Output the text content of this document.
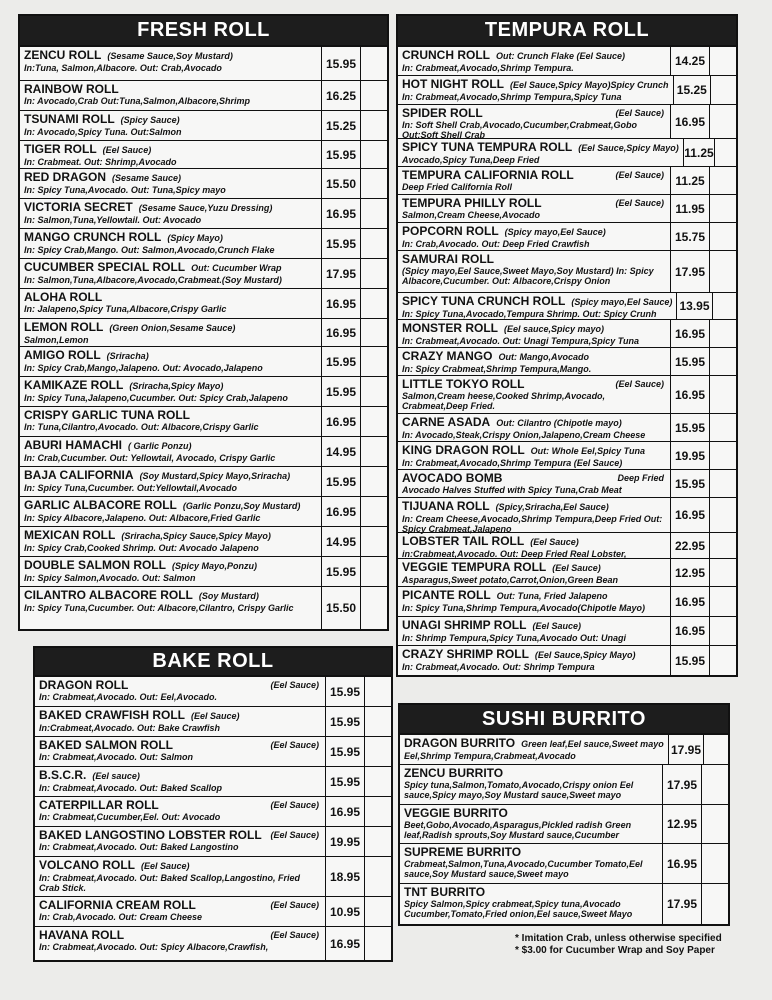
FRESH ROLL
ZENCU ROLL (Sesame Sauce,Soy Mustard)
In:Tuna, Salmon,Albacore. Out: Crab,Avocado	15.95
RAINBOW ROLL
In: Avocado,Crab Out:Tuna,Salmon,Albacore,Shrimp	16.25
TSUNAMI ROLL (Spicy Sauce)
In: Avocado,Spicy Tuna. Out:Salmon	15.25
TIGER ROLL (Eel Sauce)
In: Crabmeat. Out: Shrimp,Avocado
15.95
RED DRAGON (Sesame Sauce)
In: Spicy Tuna,Avocado. Out: Tuna,Spicy mayo	15.50
VICTORIA SECRET (Sesame Sauce,Yuzu Dressing)
In: Salmon,Tuna,Yellowtail. Out: Avocado	16.95
MANGO CRUNCH ROLL (Spicy Mayo)
In: Spicy Crab,Mango. Out: Salmon,Avocado,Crunch Flake	15.95
CUCUMBER SPECIAL ROLL Out: Cucumber Wrap
In: Salmon,Tuna,Albacore,Avocado,Crabmeat.(Soy Mustard)	17.95
ALOHA ROLL
In: Jalapeno,Spicy Tuna,Albacore,Crispy Garlic	16.95
LEMON ROLL (Green Onion,Sesame Sauce)
Salmon,Lemon
16.95
AMIGO ROLL (Sriracha)
In: Spicy Crab,Mango,Jalapeno. Out: Avocado,Jalapeno	15.95
KAMIKAZE ROLL (Sriracha,Spicy Mayo)
In: Spicy Tuna,Jalapeno,Cucumber. Out: Spicy Crab,Jalapeno	15.95
CRISPY GARLIC TUNA ROLL
In: Tuna,Cilantro,Avocado. Out: Albacore,Crispy Garlic	16.95
ABURI HAMACHI ( Garlic Ponzu)
In: Crab,Cucumber. Out: Yellowtail, Avocado, Crispy Garlic	14.95
BAJA CALIFORNIA (Soy Mustard,Spicy Mayo,Sriracha)
In: Spicy Tuna,Cucumber. Out:Yellowtail,Avocado	15.95
GARLIC ALBACORE ROLL (Garlic Ponzu,Soy Mustard)
In: Spicy Albacore,Jalapeno. Out: Albacore,Fried Garlic	16.95
MEXICAN ROLL (Sriracha,Spicy Sauce,Spicy Mayo)
In: Spicy Crab,Cooked Shrimp. Out: Avocado Jalapeno	14.95
DOUBLE SALMON ROLL (Spicy Mayo,Ponzu)
In: Spicy Salmon,Avocado. Out: Salmon	15.95
CILANTRO ALBACORE ROLL (Soy Mustard)
In: Spicy Tuna,Cucumber. Out: Albacore,Cilantro, Crispy Garlic	15.50
BAKE ROLL
DRAGON ROLL	(Eel Sauce)
In: Crabmeat,Avocado. Out: Eel,Avocado.	15.95
BAKED CRAWFISH ROLL (Eel Sauce)
In:Crabmeat,Avocado. Out: Bake Crawfish	15.95
BAKED SALMON ROLL	(Eel Sauce)
In: Crabmeat,Avocado. Out: Salmon	15.95
B.S.C.R. (Eel sauce)
In: Crabmeat,Avocado. Out: Baked Scallop	15.95
CATERPILLAR ROLL	(Eel Sauce)
In: Crabmeat,Cucumber,Eel. Out: Avocado	16.95
BAKED LANGOSTINO LOBSTER ROLL (Eel Sauce)
In: Crabmeat,Avocado. Out: Baked Langostino	19.95
VOLCANO ROLL (Eel Sauce)
In: Crabmeat,Avocado. Out: Baked Scallop,Langostino, Fried Crab Stick.
18.95
CALIFORNIA CREAM ROLL	(Eel Sauce)
In: Crab,Avocado. Out: Cream Cheese	10.95
HAVANA ROLL	(Eel Sauce)
In: Crabmeat,Avocado. Out: Spicy Albacore,Crawfish,	16.95
TEMPURA ROLL
CRUNCH ROLL Out: Crunch Flake (Eel Sauce)
In: Crabmeat,Avocado,Shrimp Tempura.	14.25
HOT NIGHT ROLL (Eel Sauce,Spicy Mayo)Spicy Crunch
In: Crabmeat,Avocado,Shrimp Tempura,Spicy Tuna	15.25
SPIDER ROLL	(Eel Sauce)
In: Soft Shell Crab,Avocado,Cucumber,Crabmeat,Gobo Out:Soft Shell Crab
16.95
SPICY TUNA TEMPURA ROLL (Eel Sauce,Spicy Mayo)
Avocado,Spicy Tuna,Deep Fried
11.25
TEMPURA CALIFORNIA ROLL	(Eel Sauce)
Deep Fried California Roll	11.25
TEMPURA PHILLY ROLL	(Eel Sauce)
Salmon,Cream Cheese,Avocado	11.95
POPCORN ROLL (Spicy mayo,Eel Sauce)
In: Crab,Avocado. Out: Deep Fried Crawfish
15.75
SAMURAI ROLL
(Spicy mayo,Eel Sauce,Sweet Mayo,Soy Mustard) In: Spicy Albacore,Cucumber. Out: Albacore,Crispy Onion
17.95
SPICY TUNA CRUNCH ROLL (Spicy mayo,Eel Sauce)
In: Spicy Tuna,Avocado,Tempura Shrimp. Out: Spicy Crunh
13.95
MONSTER ROLL (Eel sauce,Spicy mayo)
In: Crabmeat,Avocado. Out: Unagi Tempura,Spicy Tuna
16.95
CRAZY MANGO Out: Mango,Avocado
In: Spicy Crabmeat,Shrimp Tempura,Mango.
15.95
LITTLE TOKYO ROLL	(Eel Sauce)
Salmon,Cream heese,Cooked Shrimp,Avocado, Crabmeat,Deep Fried.
16.95
CARNE ASADA Out: Cilantro (Chipotle mayo)
In: Avocado,Steak,Crispy Onion,Jalapeno,Cream Cheese
15.95
KING DRAGON ROLL Out: Whole Eel,Spicy Tuna
In: Crabmeat,Avocado,Shrimp Tempura (Eel Sauce)
19.95
AVOCADO BOMB	Deep Fried
Avocado Halves Stuffed with Spicy Tuna,Crab Meat	15.95
TIJUANA ROLL (Spicy,Sriracha,Eel Sauce)
In: Cream Cheese,Avocado,Shrimp Tempura,Deep Fried Out: Spicy Crabmeat,Jalapeno
16.95
LOBSTER TAIL ROLL (Eel Sauce)
in:Crabmeat,Avocado. Out: Deep Fried Real Lobster,
22.95
VEGGIE TEMPURA ROLL (Eel Sauce)
Asparagus,Sweet potato,Carrot,Onion,Green Bean
12.95
PICANTE ROLL Out: Tuna, Fried Jalapeno
In: Spicy Tuna,Shrimp Tempura,Avocado(Chipotle Mayo)	16.95
UNAGI SHRIMP ROLL (Eel Sauce)
In: Shrimp Tempura,Spicy Tuna,Avocado Out: Unagi	16.95
CRAZY SHRIMP ROLL (Eel Sauce,Spicy Mayo)
In: Crabmeat,Avocado. Out: Shrimp Tempura	15.95
SUSHI BURRITO
DRAGON BURRITO Green leaf,Eel sauce,Sweet mayo
Eel,Shrimp Tempura,Crabmeat,Avocado	17.95
ZENCU BURRITO
Spicy tuna,Salmon,Tomato,Avocado,Crispy onion Eel sauce,Spicy mayo,Soy Mustard sauce,Sweet mayo
17.95
VEGGIE BURRITO
Beet,Gobo,Avocado,Asparagus,Pickled radish Green leaf,Radish sprouts,Soy Mustard sauce,Cucumber
12.95
SUPREME BURRITO
Crabmeat,Salmon,Tuna,Avocado,Cucumber Tomato,Eel sauce,Soy Mustard sauce,Sweet mayo
16.95
TNT BURRITO
Spicy Salmon,Spicy crabmeat,Spicy tuna,Avocado Cucumber,Tomato,Fried onion,Eel sauce,Sweet Mayo
17.95
* Imitation Crab, unless otherwise specified
* $3.00 for Cucumber Wrap and Soy Paper
